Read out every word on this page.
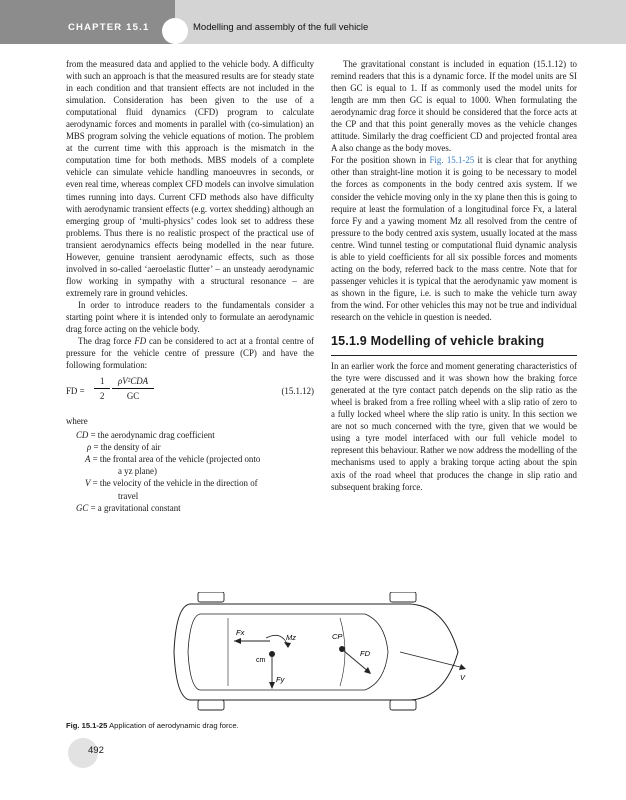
CHAPTER 15.1	Modelling and assembly of the full vehicle

from the measured data and applied to the vehicle body. A difficulty with such an approach is that the measured results are for steady state in each condition and that transient effects are not included in the simulation. Consideration has been given to the use of a computational fluid dynamics (CFD) program to calculate aerodynamic forces and moments in parallel with (co-simulation) an MBS program solving the vehicle equations of motion. The problem at the current time with this approach is the mismatch in the computation time for both methods. MBS models of a complete vehicle can simulate vehicle handling manoeuvres in seconds, or even real time, whereas complex CFD models can involve simulation times running into days. Current CFD methods also have difficulty with aerodynamic transient effects (e.g. vortex shedding) although an emerging group of ‘multi-physics’ codes look set to address these problems. Thus there is no realistic prospect of the practical use of transient aerodynamics effects being modelled in the near future. However, genuine transient aerodynamic effects, such as those involved in so-called ‘aeroelastic flutter’ – an unsteady aerodynamic flow working in sympathy with a structural resonance – are extremely rare in ground vehicles.

In order to introduce readers to the fundamentals consider a starting point where it is intended only to formulate an aerodynamic drag force acting on the vehicle body.

The drag force FD can be considered to act at a frontal centre of pressure for the vehicle centre of pressure (CP) and have the following formulation:

FD = $\frac{1}{2} \rho V^2CDA$
GC
(15.1.12)

where

CD = the aerodynamic drag coefficient
ρ = the density of air
A = the frontal area of the vehicle (projected onto
a yz plane)
V = the velocity of the vehicle in the direction of
travel
GC = a gravitational constant

The gravitational constant is included in equation (15.1.12) to remind readers that this is a dynamic force. If the model units are SI then GC is equal to 1. If as commonly used the model units for length are mm then GC is equal to 1000. When formulating the aerodynamic drag force it should be considered that the force acts at the CP and that this point generally moves as the vehicle changes attitude. Similarly the drag coefficient CD and projected frontal area A also change as the body moves.

For the position shown in Fig. 15.1-25 it is clear that for anything other than straight-line motion it is going to be necessary to model the forces as components in the body centred axis system. If we consider the vehicle moving only in the xy plane then this is going to require at least the formulation of a longitudinal force Fx, a lateral force Fy and a yawing moment Mz all resolved from the centre of pressure to the body centred axis system, usually located at the mass centre. Wind tunnel testing or computational fluid dynamic analysis is able to yield coefficients for all six possible forces and moments acting on the body, referred back to the mass centre. Note that for passenger vehicles it is typical that the aerodynamic yaw moment is as shown in the figure, i.e. is such to make the vehicle turn away from the wind. For other vehicles this may not be true and individual research on the vehicle in question is needed.

15.1.9 Modelling of vehicle braking

In an earlier work the force and moment generating characteristics of the tyre were discussed and it was shown how the braking force generated at the tyre contact patch depends on the slip ratio as the wheel is braked from a free rolling wheel with a slip ratio of zero to a fully locked wheel where the slip ratio is unity. In this section we are not so much concerned with the tyre, given that we would be using a tyre model interfaced with our full vehicle model to represent this behaviour. Rather we now address the modelling of the mechanisms used to apply a braking torque acting about the spin axis of the road wheel that produces the change in slip ratio and subsequent braking force.

Fx
Mz
cm
Fy
CP
FD
V
Fig. 15.1-25 Application of aerodynamic drag force.
492
